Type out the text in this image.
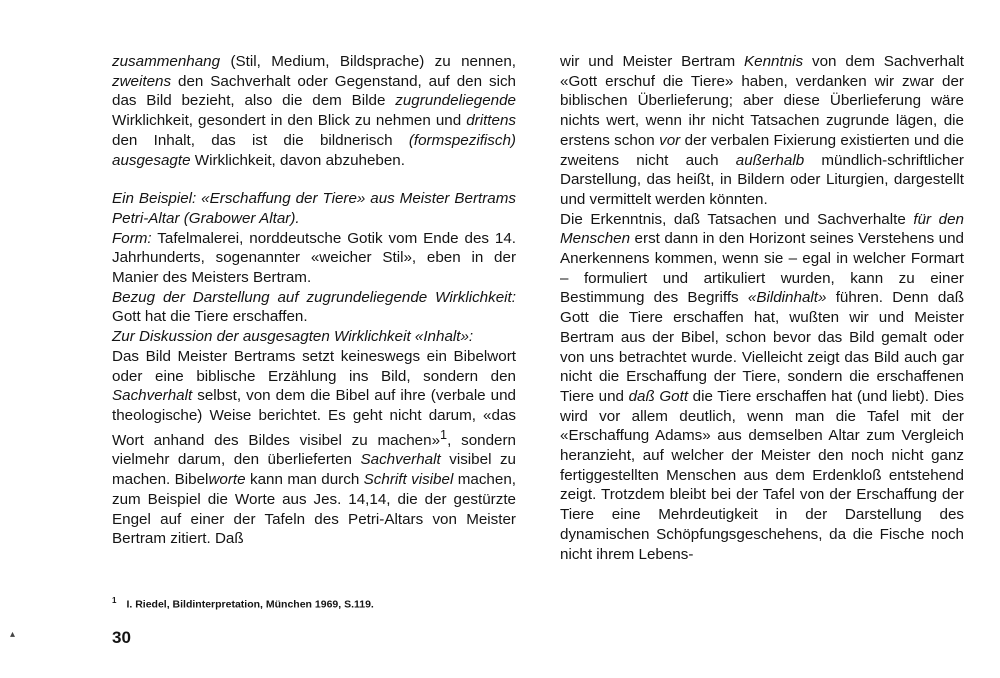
zusammenhang (Stil, Medium, Bildsprache) zu nennen, zweitens den Sachverhalt oder Gegenstand, auf den sich das Bild bezieht, also die dem Bilde zugrundeliegende Wirklichkeit, gesondert in den Blick zu nehmen und drittens den Inhalt, das ist die bildnerisch (formspezifisch) ausgesagte Wirklichkeit, davon abzuheben.

Ein Beispiel: «Erschaffung der Tiere» aus Meister Bertrams Petri-Altar (Grabower Altar).

Form: Tafelmalerei, norddeutsche Gotik vom Ende des 14. Jahrhunderts, sogenannter «weicher Stil», eben in der Manier des Meisters Bertram.

Bezug der Darstellung auf zugrundeliegende Wirklichkeit: Gott hat die Tiere erschaffen.

Zur Diskussion der ausgesagten Wirklichkeit «Inhalt»:

Das Bild Meister Bertrams setzt keineswegs ein Bibelwort oder eine biblische Erzählung ins Bild, sondern den Sachverhalt selbst, von dem die Bibel auf ihre (verbale und theologische) Weise berichtet. Es geht nicht darum, «das Wort anhand des Bildes visibel zu machen»$^1$, sondern vielmehr darum, den überlieferten Sachverhalt visibel zu machen. Bibelworte kann man durch Schrift visibel machen, zum Beispiel die Worte aus Jes. 14,14, die der gestürzte Engel auf einer der Tafeln des Petri-Altars von Meister Bertram zitiert. Daß

wir und Meister Bertram Kenntnis von dem Sachverhalt «Gott erschuf die Tiere» haben, verdanken wir zwar der biblischen Überlieferung; aber diese Überlieferung wäre nichts wert, wenn ihr nicht Tatsachen zugrunde lägen, die erstens schon vor der verbalen Fixierung existierten und die zweitens nicht auch außerhalb mündlich-schriftlicher Darstellung, das heißt, in Bildern oder Liturgien, dargestellt und vermittelt werden könnten.

Die Erkenntnis, daß Tatsachen und Sachverhalte für den Menschen erst dann in den Horizont seines Verstehens und Anerkennens kommen, wenn sie – egal in welcher Formart – formuliert und artikuliert wurden, kann zu einer Bestimmung des Begriffs «Bildinhalt» führen. Denn daß Gott die Tiere erschaffen hat, wußten wir und Meister Bertram aus der Bibel, schon bevor das Bild gemalt oder von uns betrachtet wurde. Vielleicht zeigt das Bild auch gar nicht die Erschaffung der Tiere, sondern die erschaffenen Tiere und daß Gott die Tiere erschaffen hat (und liebt). Dies wird vor allem deutlich, wenn man die Tafel mit der «Erschaffung Adams» aus demselben Altar zum Vergleich heranzieht, auf welcher der Meister den noch nicht ganz fertiggestellten Menschen aus dem Erdenkloß entstehend zeigt. Trotzdem bleibt bei der Tafel von der Erschaffung der Tiere eine Mehrdeutigkeit in der Darstellung des dynamischen Schöpfungsgeschehens, da die Fische noch nicht ihrem Lebens-

$^1$ I. Riedel, Bildinterpretation, München 1969, S.119.
30
▴
